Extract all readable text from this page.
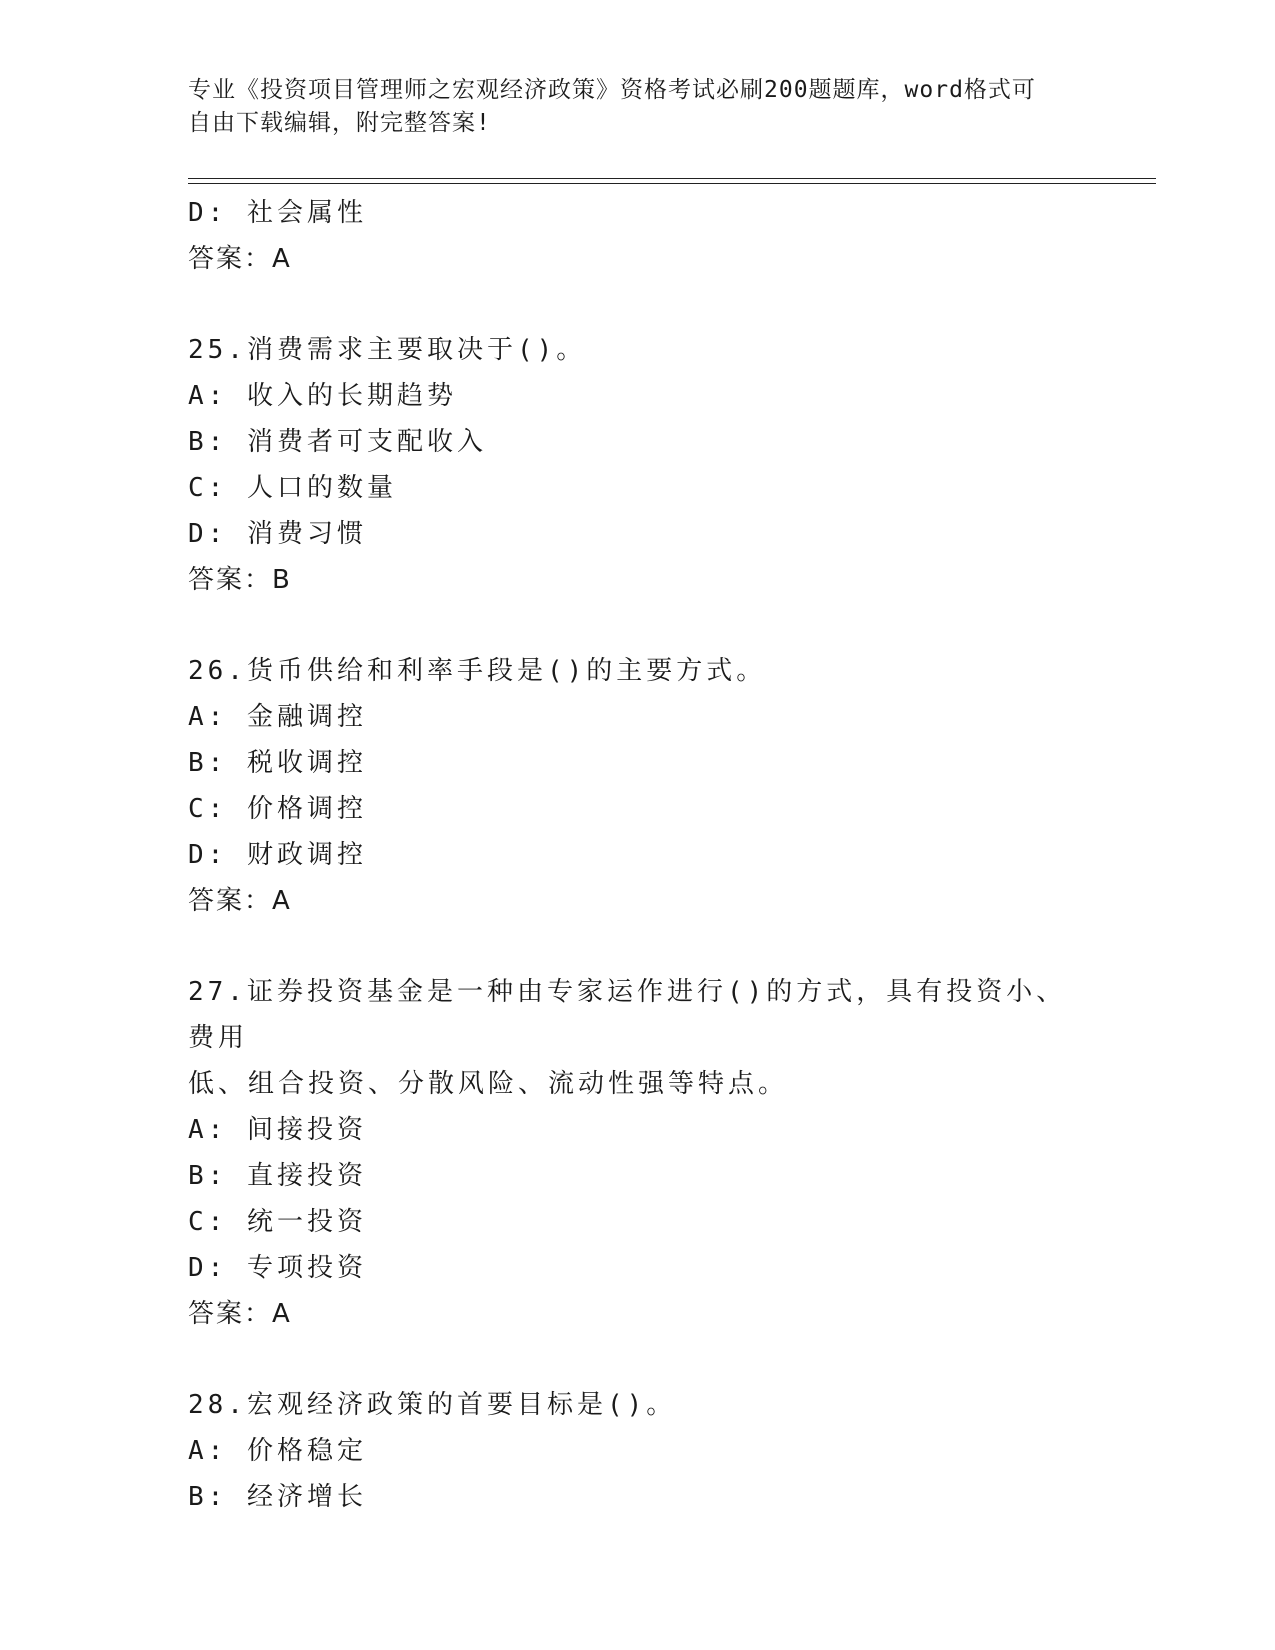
专业《投资项目管理师之宏观经济政策》资格考试必刷200题题库，word格式可
自由下载编辑，附完整答案!
D: 社会属性
答案：A
25.消费需求主要取决于()。
A: 收入的长期趋势
B: 消费者可支配收入
C: 人口的数量
D: 消费习惯
答案：B
26.货币供给和利率手段是()的主要方式。
A: 金融调控
B: 税收调控
C: 价格调控
D: 财政调控
答案：A
27.证券投资基金是一种由专家运作进行()的方式，具有投资小、费用
低、组合投资、分散风险、流动性强等特点。
A: 间接投资
B: 直接投资
C: 统一投资
D: 专项投资
答案：A
28.宏观经济政策的首要目标是()。
A: 价格稳定
B: 经济增长
